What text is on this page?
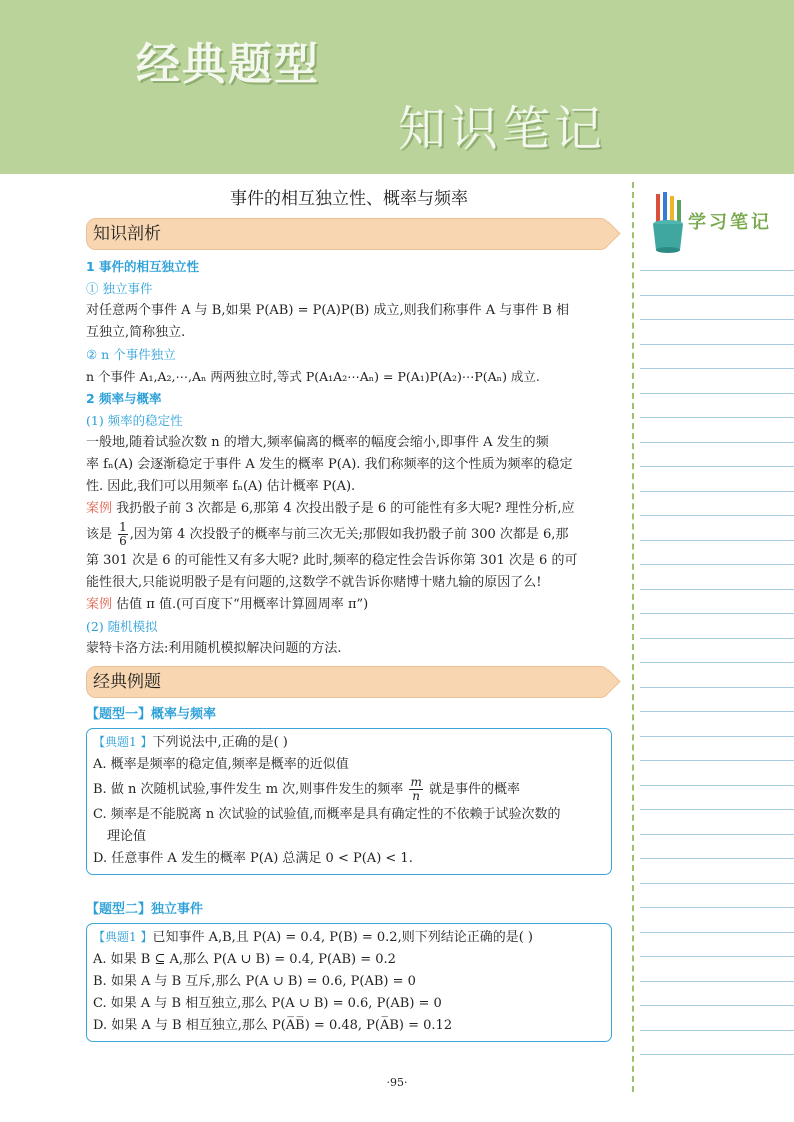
经典题型
知识笔记
事件的相互独立性、概率与频率
知识剖析
1 事件的相互独立性
① 独立事件
对任意两个事件 A 与 B,如果 P(AB) = P(A)P(B) 成立,则我们称事件 A 与事件 B 相
互独立,简称独立.
② n 个事件独立
n 个事件 A₁,A₂,⋯,Aₙ 两两独立时,等式 P(A₁A₂⋯Aₙ) = P(A₁)P(A₂)⋯P(Aₙ) 成立.
2 频率与概率
(1) 频率的稳定性
一般地,随着试验次数 n 的增大,频率偏离的概率的幅度会缩小,即事件 A 发生的频
率 fₙ(A) 会逐渐稳定于事件 A 发生的概率 P(A). 我们称频率的这个性质为频率的稳定
性. 因此,我们可以用频率 fₙ(A) 估计概率 P(A).
案例 我扔骰子前 3 次都是 6,那第 4 次投出骰子是 6 的可能性有多大呢? 理性分析,应
该是 $\frac{1}{6}$ ,因为第 4 次投骰子的概率与前三次无关;那假如我扔骰子前 300 次都是 6,那
第 301 次是 6 的可能性又有多大呢? 此时,频率的稳定性会告诉你第 301 次是 6 的可
能性很大,只能说明骰子是有问题的,这数学不就告诉你赌博十赌九输的原因了么!
案例 估值 π 值.(可百度下“用概率计算圆周率 π”)
(2) 随机模拟
蒙特卡洛方法:利用随机模拟解决问题的方法.
经典例题
【题型一】概率与频率
【典题1 】下列说法中,正确的是( )
A. 概率是频率的稳定值,频率是概率的近似值
B. 做 n 次随机试验,事件发生 m 次,则事件发生的频率 $\frac{m}{n}$ 就是事件的概率
C. 频率是不能脱离 n 次试验的试验值,而概率是具有确定性的不依赖于试验次数的
理论值
D. 任意事件 A 发生的概率 P(A) 总满足 0 < P(A) < 1.
【题型二】独立事件
【典题1 】已知事件 A,B,且 P(A) = 0.4, P(B) = 0.2,则下列结论正确的是( )
A. 如果 B ⊆ A,那么 P(A ∪ B) = 0.4, P(AB) = 0.2
B. 如果 A 与 B 互斥,那么 P(A ∪ B) = 0.6, P(AB) = 0
C. 如果 A 与 B 相互独立,那么 P(A ∪ B) = 0.6, P(AB) = 0
D. 如果 A 与 B 相互独立,那么 P(A̅B̅) = 0.48, P(A̅B) = 0.12
·95·
学习笔记
